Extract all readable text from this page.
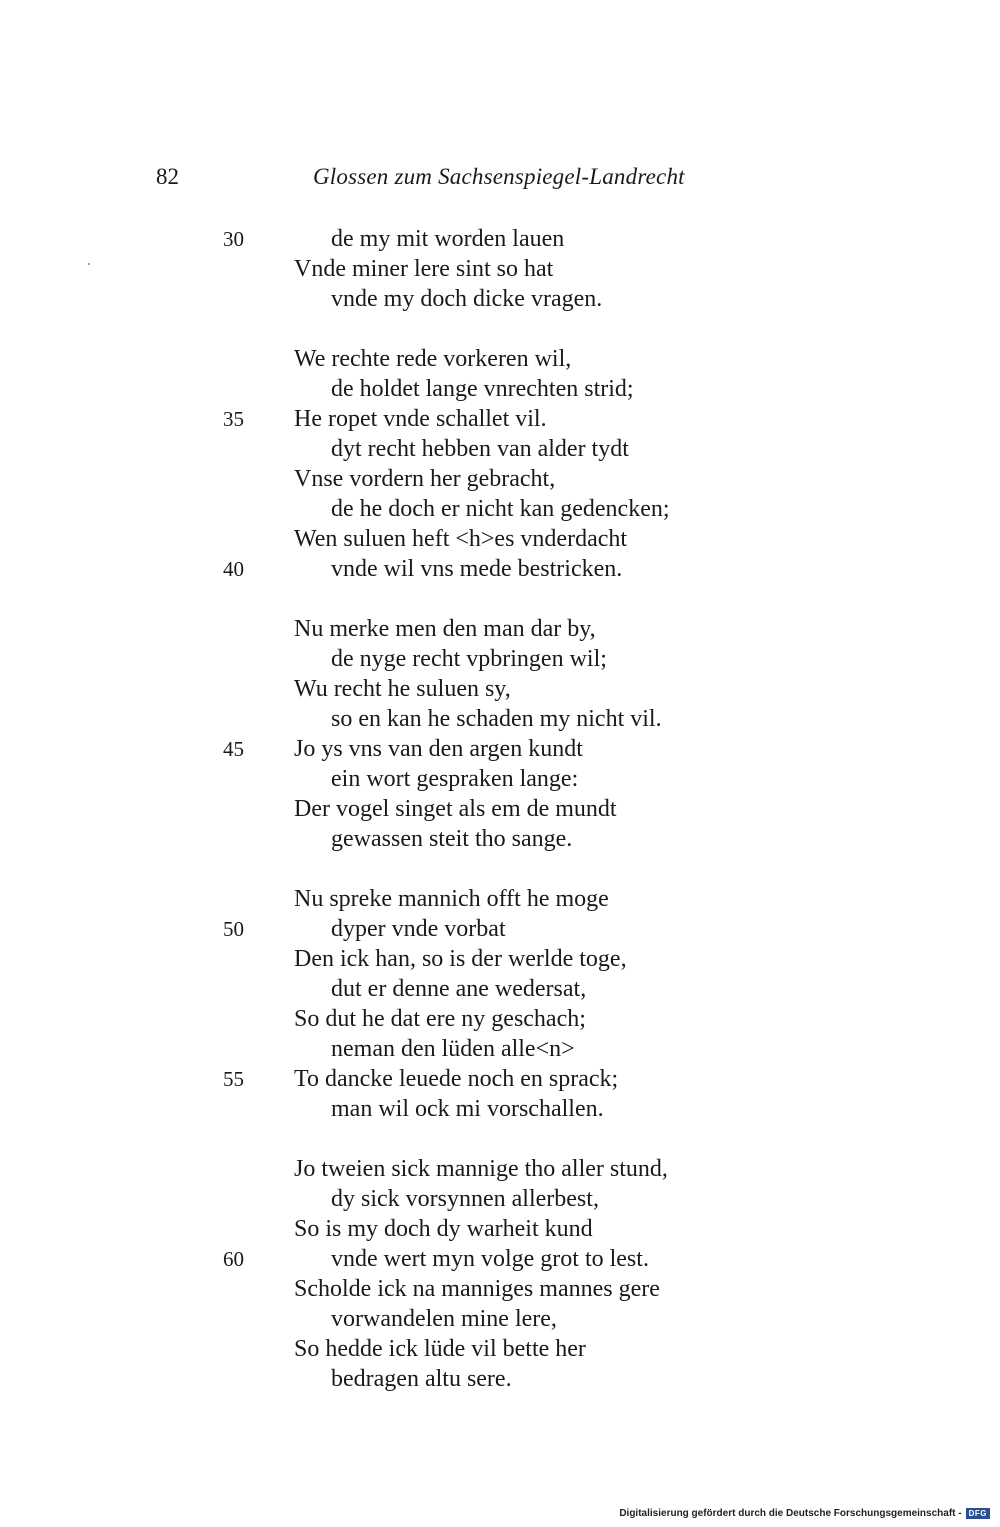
82	Glossen zum Sachsenspiegel-Landrecht
30	de my mit worden lauen
Vnde miner lere sint so hat
vnde my doch dicke vragen.
We rechte rede vorkeren wil,
de holdet lange vnrechten strid;
35 He ropet vnde schallet vil.
dyt recht hebben van alder tydt
Vnse vordern her gebracht,
de he doch er nicht kan gedencken;
Wen suluen heft <h>es vnderdacht
40	vnde wil vns mede bestricken.
Nu merke men den man dar by,
de nyge recht vpbringen wil;
Wu recht he suluen sy,
so en kan he schaden my nicht vil.
45 Jo ys vns van den argen kundt
ein wort gespraken lange:
Der vogel singet als em de mundt
gewassen steit tho sange.
Nu spreke mannich offt he moge
50	dyper vnde vorbat
Den ick han, so is der werlde toge,
dut er denne ane wedersat,
So dut he dat ere ny geschach;
neman den lüden alle<n>
55 To dancke leuede noch en sprack;
man wil ock mi vorschallen.
Jo tweien sick mannige tho aller stund,
dy sick vorsynnen allerbest,
So is my doch dy warheit kund
60	vnde wert myn volge grot to lest.
Scholde ick na manniges mannes gere
vorwandelen mine lere,
So hedde ick lüde vil bette her
bedragen altu sere.
Digitalisierung gefördert durch die Deutsche Forschungsgemeinschaft - DFG
